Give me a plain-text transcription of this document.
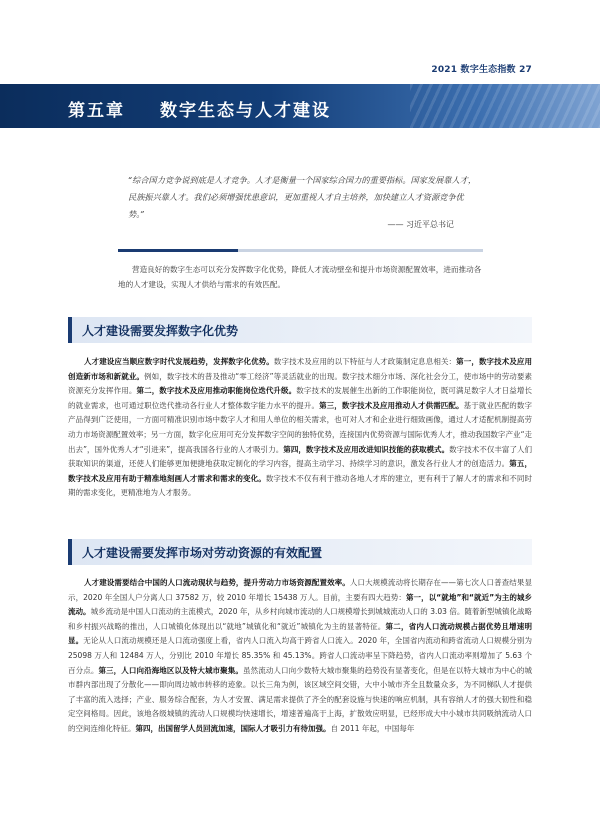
2021 数字生态指数 27
第五章 数字生态与人才建设
“综合国力竞争说到底是人才竞争。人才是衡量一个国家综合国力的重要指标。国家发展靠人才，民族振兴靠人才。我们必须增强忧患意识，更加重视人才自主培养，加快建立人才资源竞争优势。”
—— 习近平总书记
营造良好的数字生态可以充分发挥数字化优势，降低人才流动壁垒和提升市场资源配置效率，进而推动各地的人才建设，实现人才供给与需求的有效匹配。
人才建设需要发挥数字化优势
人才建设应当顺应数字时代发展趋势，发挥数字化优势。数字技术及应用的以下特征与人才政策制定息息相关：第一，数字技术及应用创造新市场和新就业。例如，数字技术的普及推动“零工经济”等灵活就业的出现。数字技术细分市场、深化社会分工，使市场中的劳动要素资源充分发挥作用。第二，数字技术及应用推动职能岗位迭代升级。数字技术的发展催生出新的工作职能岗位，既可满足数字人才日益增长的就业需求，也可通过职位迭代推动各行业人才整体数字能力水平的提升。第三，数字技术及应用推动人才供需匹配。基于就业匹配的数字产品得到广泛使用，一方面可精准识别市场中数字人才和用人单位的相关需求，也可对人才和企业进行细致画像，通过人才适配机制提高劳动力市场资源配置效率；另一方面，数字化应用可充分发挥数字空间的独特优势，连接国内优势资源与国际优秀人才，推动我国数字产业“走出去”，国外优秀人才“引进来”，提高我国各行业的人才吸引力。第四，数字技术及应用改进知识技能的获取模式。数字技术不仅丰富了人们获取知识的渠道，还使人们能够更加便捷地获取定制化的学习内容，提高主动学习、持续学习的意识，激发各行业人才的创造活力。第五，数字技术及应用有助于精准地刻画人才需求和需求的变化。数字技术不仅有利于推动各地人才库的建立，更有利于了解人才的需求和不同时期的需求变化，更精准地为人才服务。
人才建设需要发挥市场对劳动资源的有效配置
人才建设需要结合中国的人口流动现状与趋势，提升劳动力市场资源配置效率。人口大规模流动将长期存在——第七次人口普查结果显示，2020 年全国人户分离人口 37582 万，较 2010 年增长 15438 万人。目前，主要有四大趋势：第一，以“就地”和“就近”为主的城乡流动。城乡流动是中国人口流动的主流模式，2020 年，从乡村向城市流动的人口规模增长到城城流动人口的 3.03 倍。随着新型城镇化战略和乡村振兴战略的推出，人口城镇化体现出以“就地”城镇化和“就近”城镇化为主的显著特征。第二，省内人口流动规模占据优势且增速明显。无论从人口流动规模还是人口流动强度上看，省内人口流入均高于跨省人口流入。2020 年，全国省内流动和跨省流动人口规模分别为 25098 万人和 12484 万人，分别比 2010 年增长 85.35% 和 45.13%。跨省人口流动率呈下降趋势，省内人口流动率则增加了 5.63 个百分点。第三，人口向沿海地区以及特大城市聚集。虽然流动人口向少数特大城市聚集的趋势没有显著变化，但是在以特大城市为中心的城市群内部出现了分散化——即向周边城市转移的迹象。以长三角为例，该区域空间交错，大中小城市齐全且数量众多，为不同梯队人才提供了丰富的流入选择；产业、服务综合配套，为人才安置、满足需求提供了齐全的配套设施与快速的响应机制，具有容纳人才的强大韧性和稳定空间格局。因此，该地各级城镇的流动人口规模均快速增长，增速普遍高于上海，扩散效应明显，已经形成大中小城市共同吸纳流动人口的空间连绵化特征。第四，出国留学人员回流加速，国际人才吸引力有待加强。自 2011 年起，中国每年
